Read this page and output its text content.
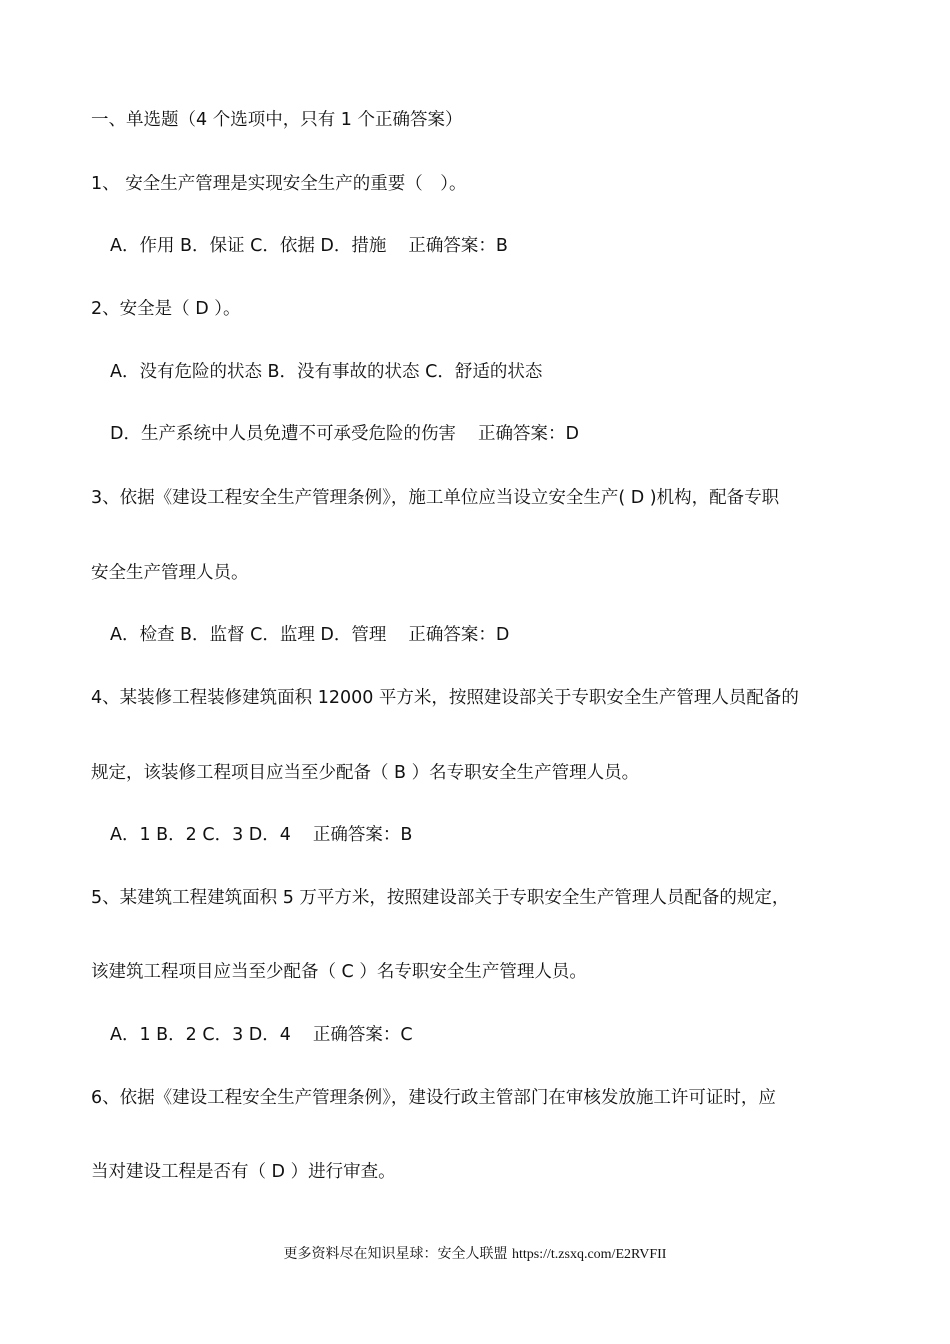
一、单选题（4 个选项中，只有 1 个正确答案）

1、 安全生产管理是实现安全生产的重要（　）。

A．作用 B．保证 C．依据 D．措施 正确答案：B

2、安全是（ D ）。

A．没有危险的状态 B．没有事故的状态 C．舒适的状态

D．生产系统中人员免遭不可承受危险的伤害 正确答案：D

3、依据《建设工程安全生产管理条例》，施工单位应当设立安全生产( D )机构，配备专职

安全生产管理人员。

A．检查 B．监督 C．监理 D．管理 正确答案：D

4、某装修工程装修建筑面积 12000 平方米，按照建设部关于专职安全生产管理人员配备的

规定，该装修工程项目应当至少配备（ B ）名专职安全生产管理人员。

A．1 B．2 C．3 D．4 正确答案：B

5、某建筑工程建筑面积 5 万平方米，按照建设部关于专职安全生产管理人员配备的规定，

该建筑工程项目应当至少配备（ C ）名专职安全生产管理人员。

A．1 B．2 C．3 D．4 正确答案：C

6、依据《建设工程安全生产管理条例》，建设行政主管部门在审核发放施工许可证时，应

当对建设工程是否有（ D ）进行审查。

更多资料尽在知识星球：安全人联盟 https://t.zsxq.com/E2RVFII
